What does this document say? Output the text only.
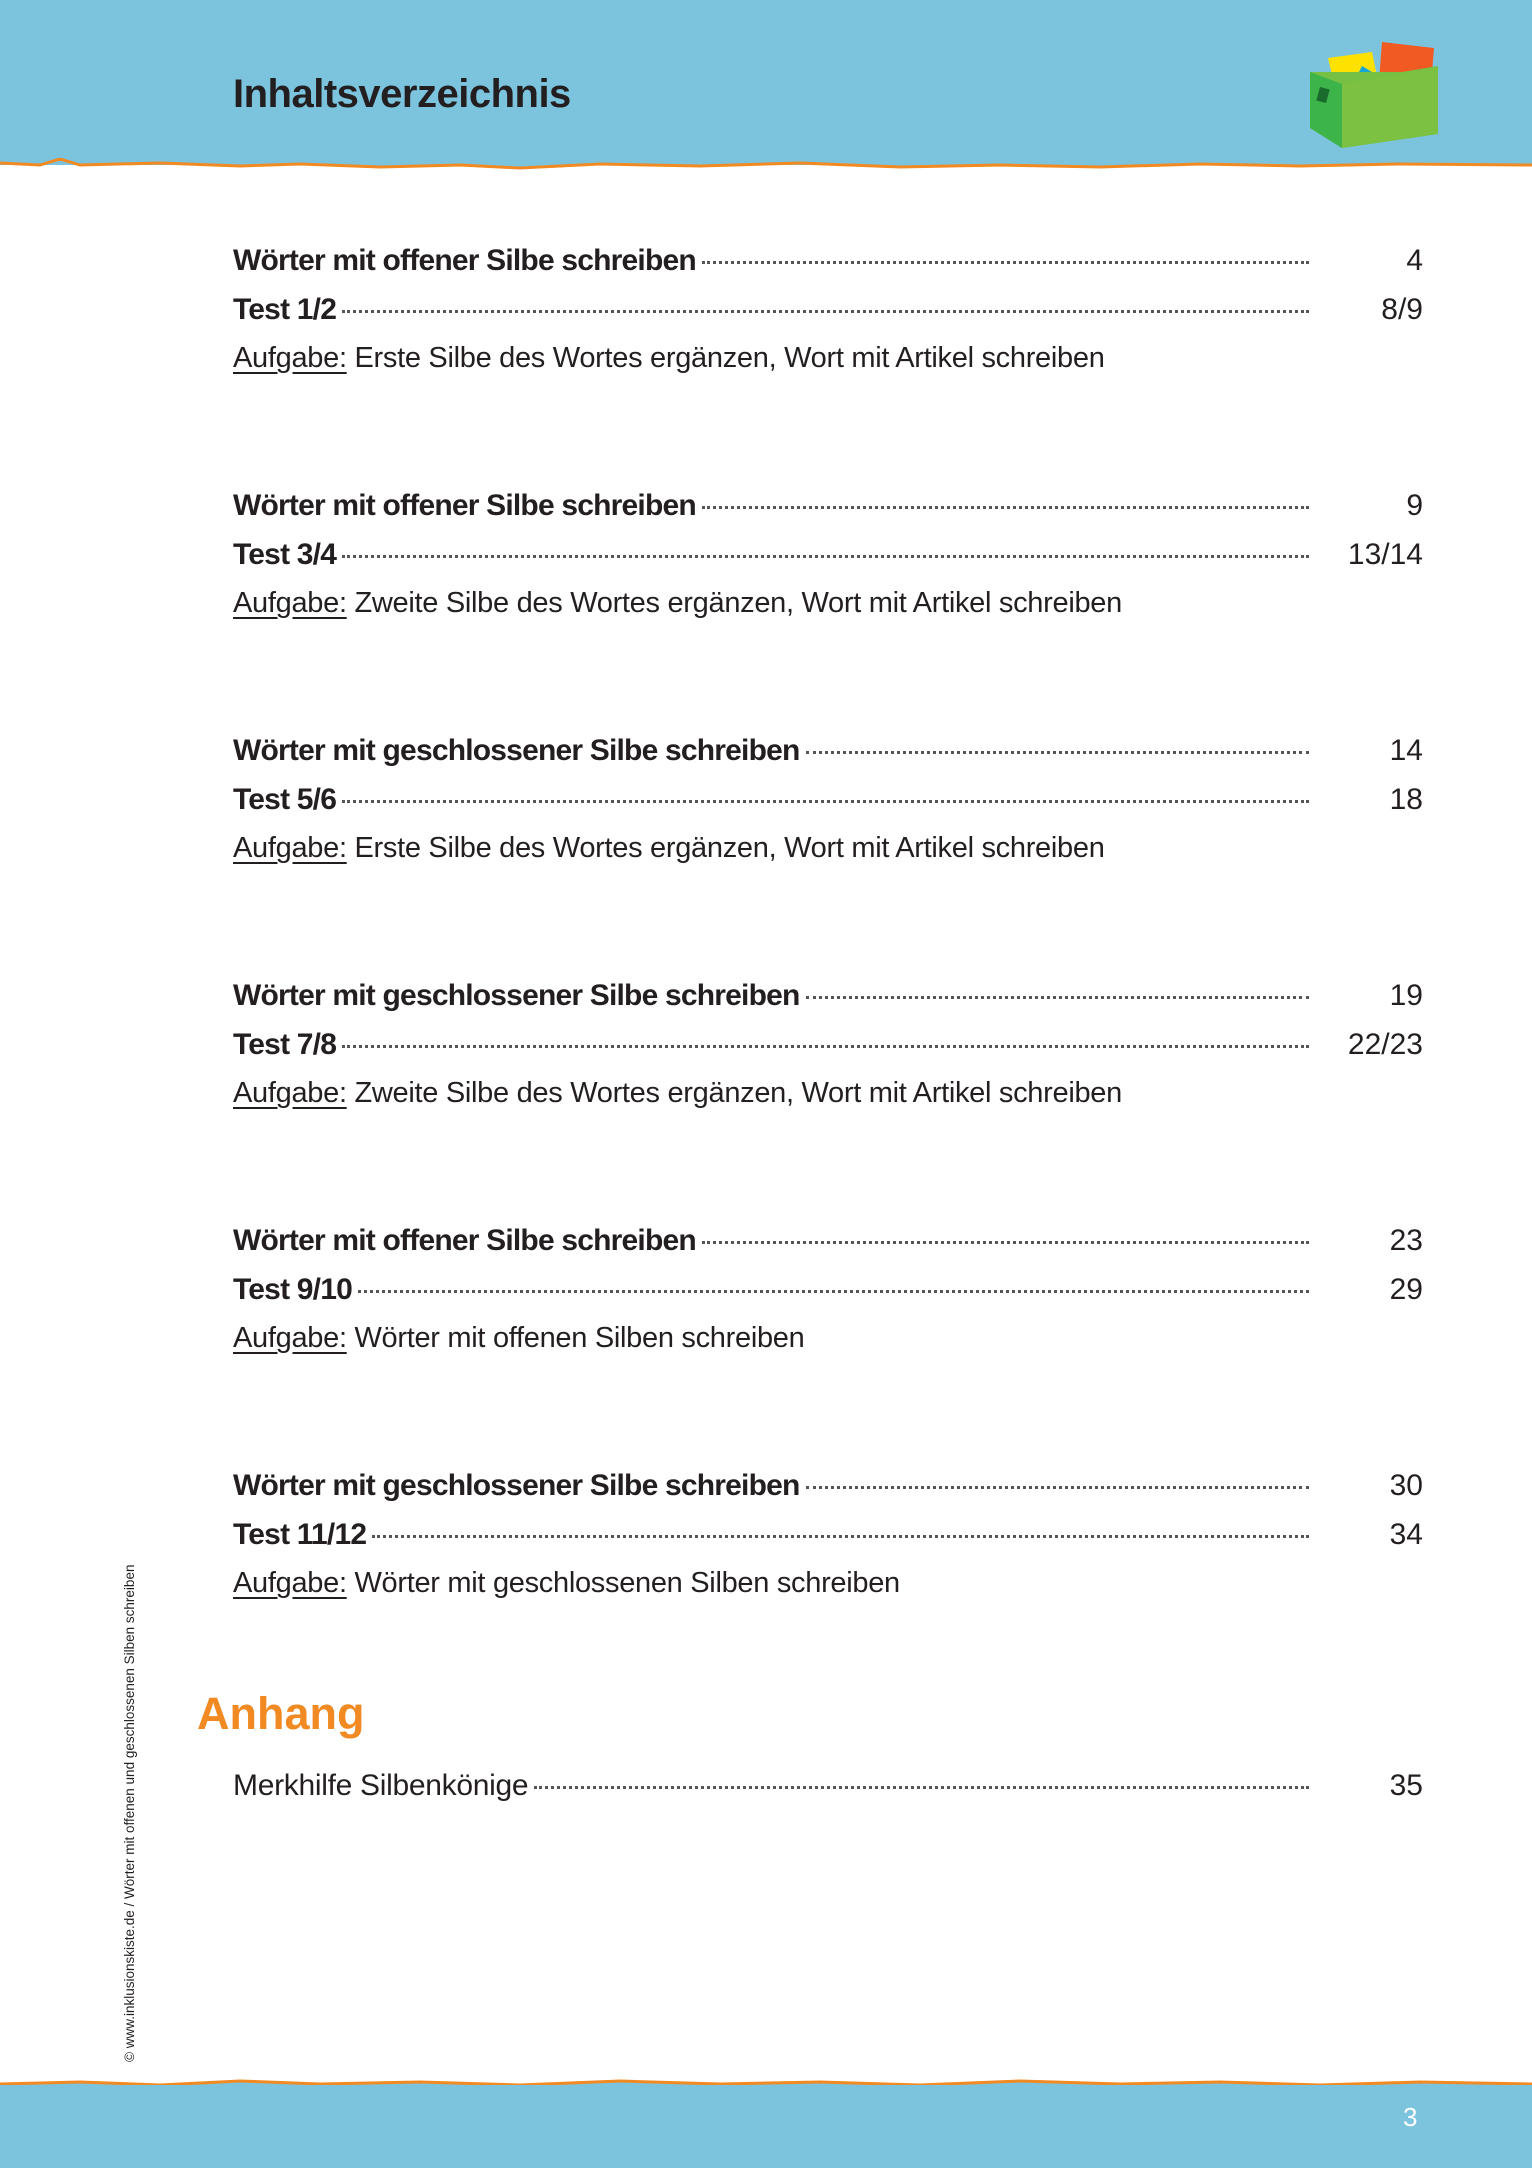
Inhaltsverzeichnis
Wörter mit offener Silbe schreiben	4
Test 1/2	8/9
Aufgabe: Erste Silbe des Wortes ergänzen, Wort mit Artikel schreiben
Wörter mit offener Silbe schreiben	9
Test 3/4	13/14
Aufgabe: Zweite Silbe des Wortes ergänzen, Wort mit Artikel schreiben
Wörter mit geschlossener Silbe schreiben	14
Test 5/6	18
Aufgabe: Erste Silbe des Wortes ergänzen, Wort mit Artikel schreiben
Wörter mit geschlossener Silbe schreiben	19
Test 7/8	22/23
Aufgabe: Zweite Silbe des Wortes ergänzen, Wort mit Artikel schreiben
Wörter mit offener Silbe schreiben	23
Test 9/10	29
Aufgabe: Wörter mit offenen Silben schreiben
Wörter mit geschlossener Silbe schreiben	30
Test 11/12	34
Aufgabe: Wörter mit geschlossenen Silben schreiben
Anhang
Merkhilfe Silbenkönige	35
© www.inklusionskiste.de / Wörter mit offenen und geschlossenen Silben schreiben
3
